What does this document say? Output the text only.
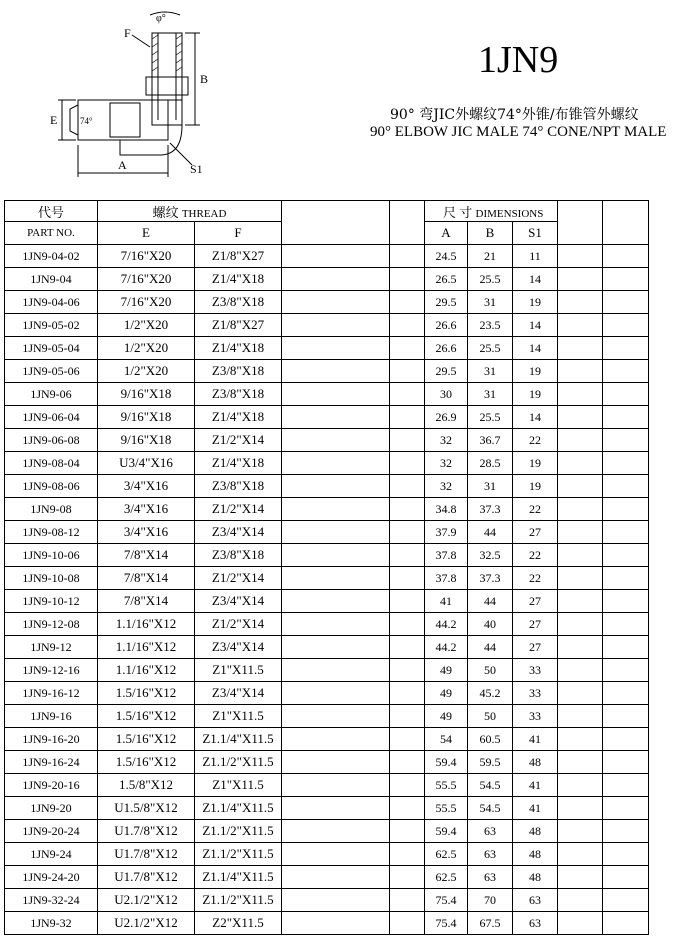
F
φ°
B
E	74°
A	S1
1JN9
90° 弯JIC外螺纹74°外锥/布锥管外螺纹
90° ELBOW JIC MALE 74° CONE/NPT MALE
代号	螺纹 THREAD				尺 寸 DIMENSIONS				
PART NO.	E	F			A	B	S1		
1JN9-04-02	7/16"X20	Z1/8"X27			24.5	21	11		
1JN9-04	7/16"X20	Z1/4"X18			26.5	25.5	14		
1JN9-04-06	7/16"X20	Z3/8"X18			29.5	31	19		
1JN9-05-02	1/2"X20	Z1/8"X27			26.6	23.5	14		
1JN9-05-04	1/2"X20	Z1/4"X18			26.6	25.5	14		
1JN9-05-06	1/2"X20	Z3/8"X18			29.5	31	19		
1JN9-06	9/16"X18	Z3/8"X18			30	31	19		
1JN9-06-04	9/16"X18	Z1/4"X18			26.9	25.5	14		
1JN9-06-08	9/16"X18	Z1/2"X14			32	36.7	22		
1JN9-08-04	U3/4"X16	Z1/4"X18			32	28.5	19		
1JN9-08-06	3/4"X16	Z3/8"X18			32	31	19		
1JN9-08	3/4"X16	Z1/2"X14			34.8	37.3	22		
1JN9-08-12	3/4"X16	Z3/4"X14			37.9	44	27		
1JN9-10-06	7/8"X14	Z3/8"X18			37.8	32.5	22		
1JN9-10-08	7/8"X14	Z1/2"X14			37.8	37.3	22		
1JN9-10-12	7/8"X14	Z3/4"X14			41	44	27		
1JN9-12-08	1.1/16"X12	Z1/2"X14			44.2	40	27		
1JN9-12	1.1/16"X12	Z3/4"X14			44.2	44	27		
1JN9-12-16	1.1/16"X12	Z1"X11.5			49	50	33		
1JN9-16-12	1.5/16"X12	Z3/4"X14			49	45.2	33		
1JN9-16	1.5/16"X12	Z1"X11.5			49	50	33		
1JN9-16-20	1.5/16"X12	Z1.1/4"X11.5			54	60.5	41		
1JN9-16-24	1.5/16"X12	Z1.1/2"X11.5			59.4	59.5	48		
1JN9-20-16	1.5/8"X12	Z1"X11.5			55.5	54.5	41		
1JN9-20	U1.5/8"X12	Z1.1/4"X11.5			55.5	54.5	41		
1JN9-20-24	U1.7/8"X12	Z1.1/2"X11.5			59.4	63	48		
1JN9-24	U1.7/8"X12	Z1.1/2"X11.5			62.5	63	48		
1JN9-24-20	U1.7/8"X12	Z1.1/4"X11.5			62.5	63	48		
1JN9-32-24	U2.1/2"X12	Z1.1/2"X11.5			75.4	70	63		
1JN9-32	U2.1/2"X12	Z2"X11.5			75.4	67.5	63		
